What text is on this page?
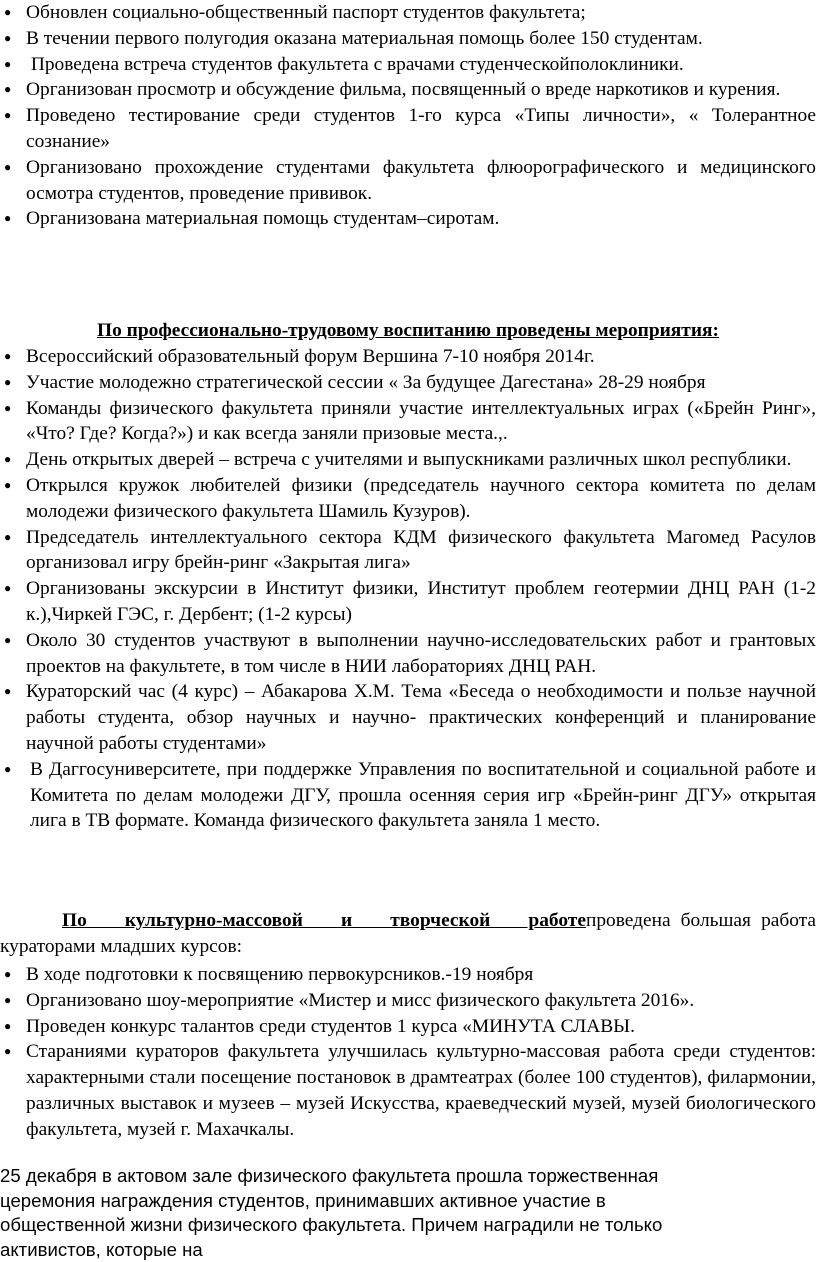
● Обновлен социально-общественный паспорт студентов факультета;
● В течении первого полугодия оказана материальная помощь более 150 студентам.
● Проведена встреча студентов факультета с врачами студенческойполоклиники.
● Организован просмотр и обсуждение фильма, посвященный о вреде наркотиков и курения.
● Проведено тестирование среди студентов 1-го курса «Типы личности», « Толерантное сознание»
● Организовано прохождение студентами факультета флюорографического и медицинского осмотра студентов, проведение прививок.
● Организована материальная помощь студентам–сиротам.

По профессионально-трудовому воспитанию проведены мероприятия:

● Всероссийский образовательный форум Вершина 7-10 ноября 2014г.
● Участие молодежно стратегической сессии « За будущее Дагестана» 28-29 ноября
● Команды физического факультета приняли участие интеллектуальных играх («Брейн Ринг», «Что? Где? Когда?») и как всегда заняли призовые места.,.
● День открытых дверей – встреча с учителями и выпускниками различных школ республики.
● Открылся кружок любителей физики (председатель научного сектора комитета по делам молодежи физического факультета Шамиль Кузуров).
● Председатель интеллектуального сектора КДМ физического факультета Магомед Расулов организовал игру брейн-ринг «Закрытая лига»
● Организованы экскурсии в Институт физики, Институт проблем геотермии ДНЦ РАН (1-2 к.),Чиркей ГЭС, г. Дербент; (1-2 курсы)
● Около 30 студентов участвуют в выполнении научно-исследовательских работ и грантовых проектов на факультете, в том числе в НИИ лабораториях ДНЦ РАН.
● Кураторский час (4 курс) – Абакарова Х.М. Тема «Беседа о необходимости и пользе научной работы студента, обзор научных и научно- практических конференций и планирование научной работы студентами»
● В Даггосуниверситете, при поддержке Управления по воспитательной и социальной работе и Комитета по делам молодежи ДГУ, прошла осенняя серия игр «Брейн-ринг ДГУ» открытая лига в ТВ формате. Команда физического факультета заняла 1 место.

По культурно-массовой и творческой работепроведена большая работа кураторами младших курсов:

● В ходе подготовки к посвящению первокурсников.-19 ноября
● Организовано шоу-мероприятие «Мистер и мисс физического факультета 2016».
● Проведен конкурс талантов среди студентов 1 курса «МИНУТА СЛАВЫ.
● Стараниями кураторов факультета улучшилась культурно-массовая работа среди студентов: характерными стали посещение постановок в драмтеатрах (более 100 студентов), филармонии, различных выставок и музеев – музей Искусства, краеведческий музей, музей биологического факультета, музей г. Махачкалы.

25 декабря в актовом зале физического факультета прошла торжественная церемония награждения студентов, принимавших активное участие в общественной жизни физического факультета. Причем наградили не только активистов, которые на
